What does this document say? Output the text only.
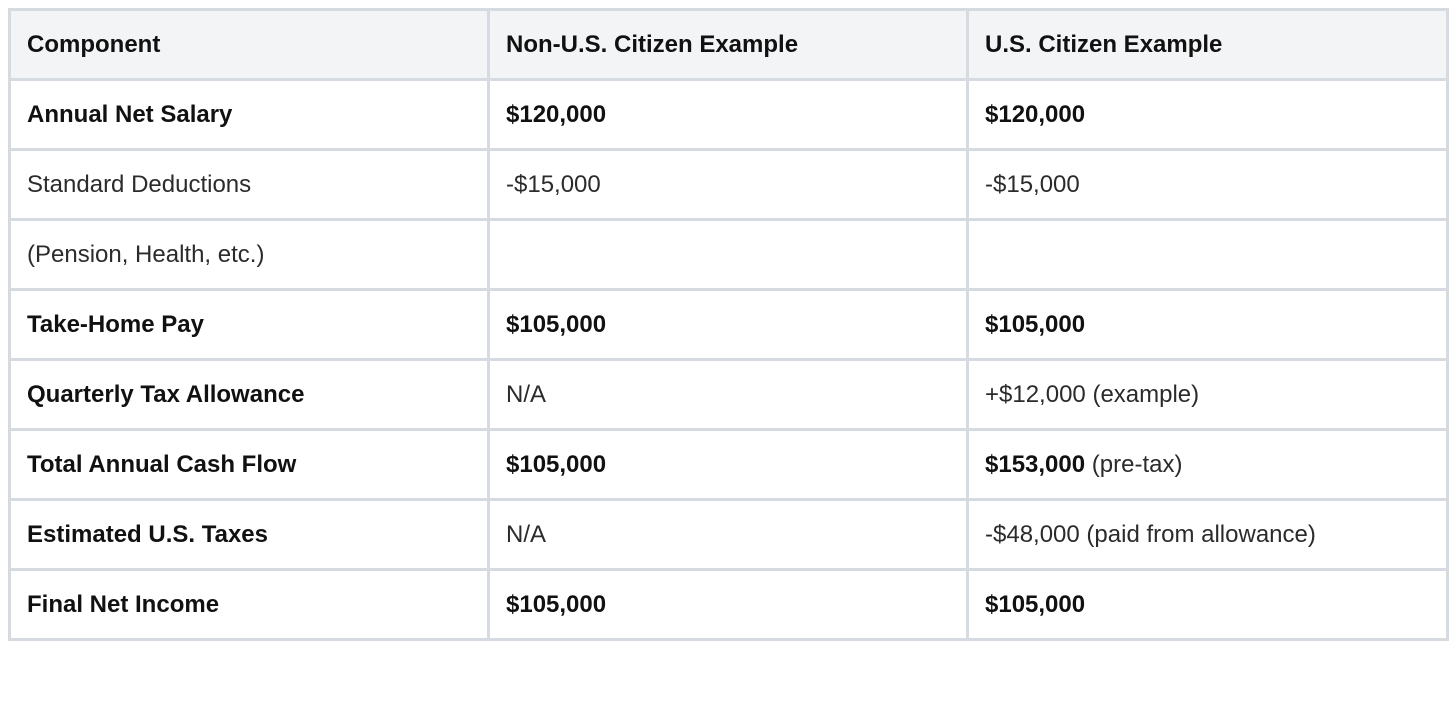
Component	Non-U.S. Citizen Example	U.S. Citizen Example
Annual Net Salary	$120,000	$120,000
Standard Deductions	-$15,000	-$15,000
(Pension, Health, etc.)		
Take-Home Pay	$105,000	$105,000
Quarterly Tax Allowance	N/A	+$12,000 (example)
Total Annual Cash Flow	$105,000	$153,000 (pre-tax)
Estimated U.S. Taxes	N/A	-$48,000 (paid from allowance)
Final Net Income	$105,000	$105,000
